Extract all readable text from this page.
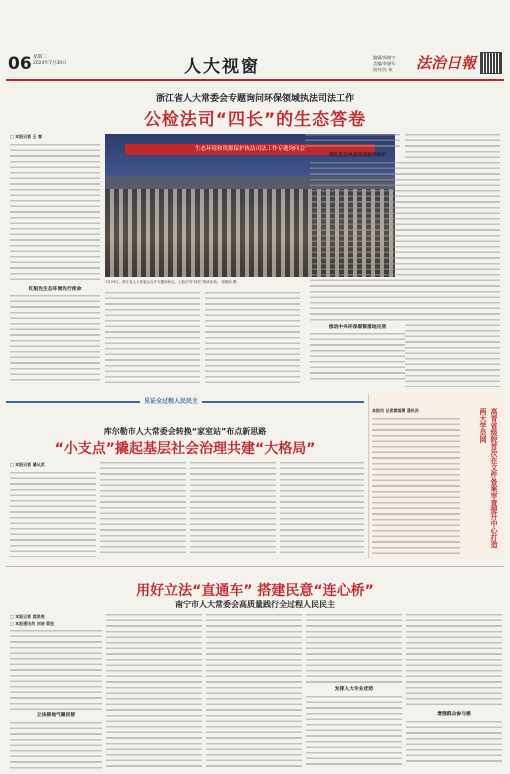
06 星期二
2024年7月30日	人大视窗	编辑/郭晓宇
美编/李晓军
校对/冯 伟 法治日報
浙江省人大常委会专题询问环保领域执法司法工作
公检法司“四长”的生态答卷
□ 本报记者 王 春
红船先生态环境先行使命
生态环境和资源保护执法司法工作专题询问会
7月25日，浙江省人大常委会召开专题询问会，公检法司“四长”现场应询。 周维欣 摄
深化生态执法司法协同保护
推动中央环保督察落地见效
见证全过程人民民主
库尔勒市人大常委会转换“家室站”布点新思路
“小支点”撬起基层社会治理共建“大格局”
□ 本报记者 潘从武
本报讯 记者黄国勇 通讯员	高青省级院首次在文件备案审查提升中心打造两大学员网
用好立法“直通车” 搭建民意“连心桥”
南宁市人大常委会高质量践行全过程人民民主
□ 本报记者 莫思亮
□ 本报通讯员 刘洁 梁佳
立法接地气聚民智
发挥人大专业优势
增强群众参与感
